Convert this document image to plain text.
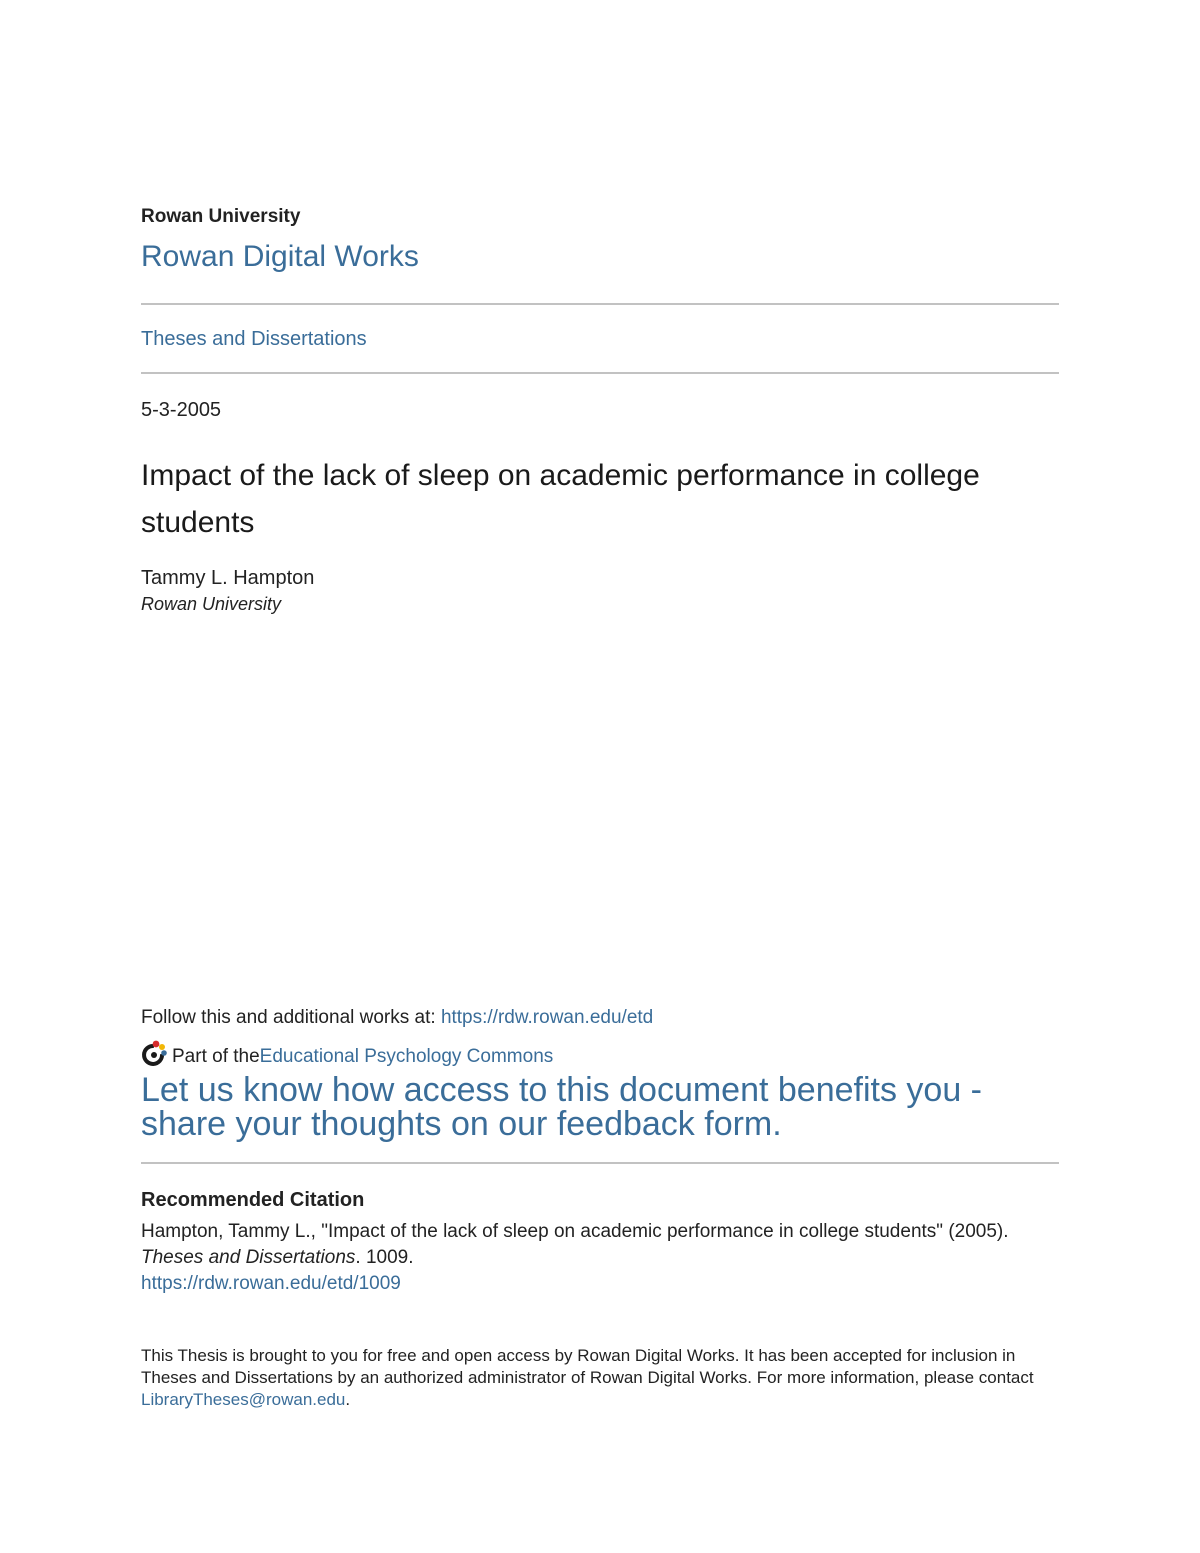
Rowan University
Rowan Digital Works
Theses and Dissertations
5-3-2005
Impact of the lack of sleep on academic performance in college students
Tammy L. Hampton
Rowan University
Follow this and additional works at: https://rdw.rowan.edu/etd
Part of the Educational Psychology Commons
Let us know how access to this document benefits you - share your thoughts on our feedback form.
Recommended Citation
Hampton, Tammy L., "Impact of the lack of sleep on academic performance in college students" (2005).
Theses and Dissertations. 1009.
https://rdw.rowan.edu/etd/1009
This Thesis is brought to you for free and open access by Rowan Digital Works. It has been accepted for inclusion in Theses and Dissertations by an authorized administrator of Rowan Digital Works. For more information, please contact LibraryTheses@rowan.edu.
